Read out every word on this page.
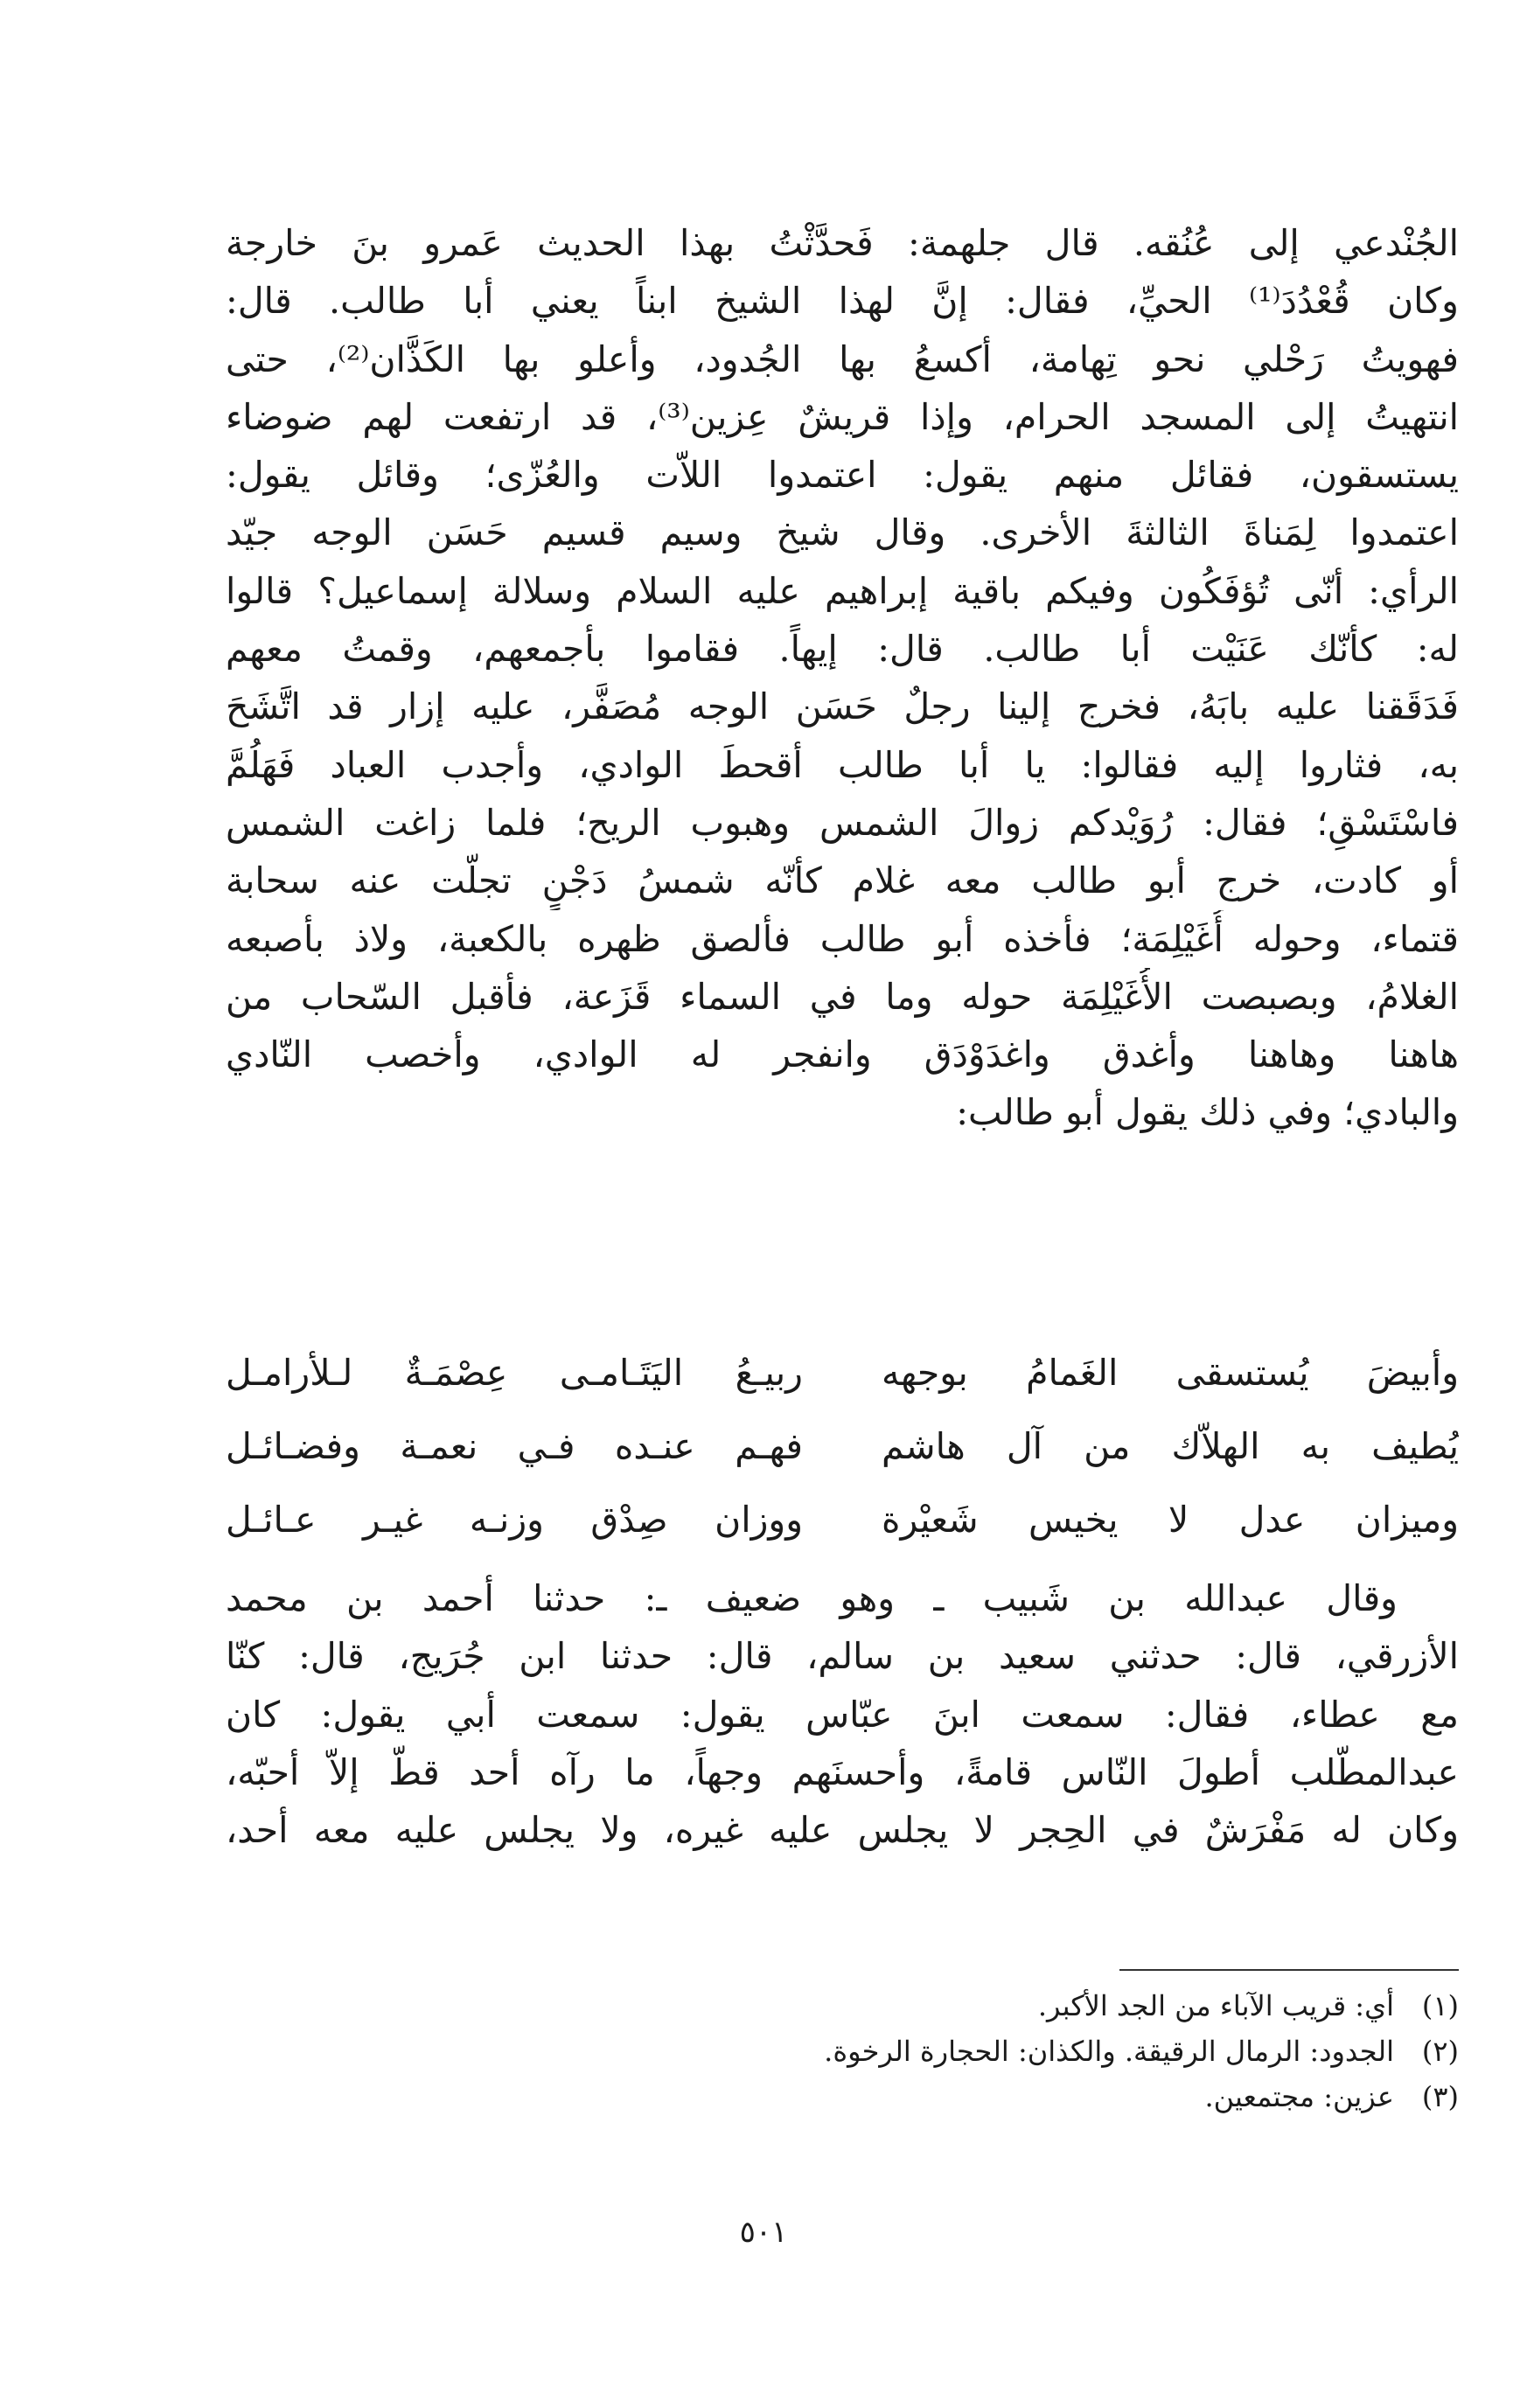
الجُنْدعي إلى عُنُقه. قال جلهمة: فَحدَّثْتُ بهذا الحديث عَمرو بنَ خارجة
وكان قُعْدُدَ⁽¹⁾ الحيِّ، فقال: إنَّ لهذا الشيخ ابناً يعني أبا طالب. قال:
فهويتُ رَحْلي نحو تِهامة، أكسعُ بها الجُدود، وأعلو بها الكَذَّان⁽²⁾، حتى
انتهيتُ إلى المسجد الحرام، وإذا قريشٌ عِزين⁽³⁾، قد ارتفعت لهم ضوضاء
يستسقون، فقائل منهم يقول: اعتمدوا اللاّت والعُزّى؛ وقائل يقول:
اعتمدوا لِمَناةَ الثالثةَ الأخرى. وقال شيخ وسيم قسيم حَسَن الوجه جيّد
الرأي: أنّى تُؤفَكُون وفيكم باقية إبراهيم عليه السلام وسلالة إسماعيل؟ قالوا
له: كأنّك عَنَيْت أبا طالب. قال: إيهاً. فقاموا بأجمعهم، وقمتُ معهم
فَدَقَقنا عليه بابَهُ، فخرج إلينا رجلٌ حَسَن الوجه مُصَفَّر، عليه إزار قد اتَّشَحَ
به، فثاروا إليه فقالوا: يا أبا طالب أقحطَ الوادي، وأجدب العباد فَهَلُمَّ
فاسْتَسْقِ؛ فقال: رُوَيْدكم زوالَ الشمس وهبوب الريح؛ فلما زاغت الشمس
أو كادت، خرج أبو طالب معه غلام كأنّه شمسُ دَجْنٍ تجلّت عنه سحابة
قتماء، وحوله أُغَيْلِمَة؛ فأخذه أبو طالب فألصق ظهره بالكعبة، ولاذ بأصبعه
الغلامُ، وبصبصت الأُغَيْلِمَة حوله وما في السماء قَزَعة، فأقبل السّحاب من
هاهنا وهاهنا وأغدق واغدَوْدَق وانفجر له الوادي، وأخصب النّادي
والبادي؛ وفي ذلك يقول أبو طالب:
وأبيضَ يُستسقى الغَمامُ بوجهه
ربيـعُ اليَتَـامـى عِصْمَـةٌ لـلأرامـل
يُطيف به الهلاّك من آل هاشم
فهـم عنـده فـي نعمـة وفضـائـل
وميزان عدل لا يخيس شَعيْرة
ووزان صِدْق وزنـه غيـر عـائـل
وقال عبدالله بن شَبيب ـ وهو ضعيف ـ: حدثنا أحمد بن محمد
الأزرقي، قال: حدثني سعيد بن سالم، قال: حدثنا ابن جُرَيج، قال: كنّا
مع عطاء، فقال: سمعت ابنَ عبّاس يقول: سمعت أبي يقول: كان
عبدالمطّلب أطولَ النّاس قامةً، وأحسنَهم وجهاً، ما رآه أحد قطّ إلاّ أحبّه،
وكان له مَفْرَشٌ في الحِجر لا يجلس عليه غيره، ولا يجلس عليه معه أحد،
(١)
أي: قريب الآباء من الجد الأكبر.
(٢)
الجدود: الرمال الرقيقة. والكذان: الحجارة الرخوة.
(٣)
عزين: مجتمعين.
٥٠١
